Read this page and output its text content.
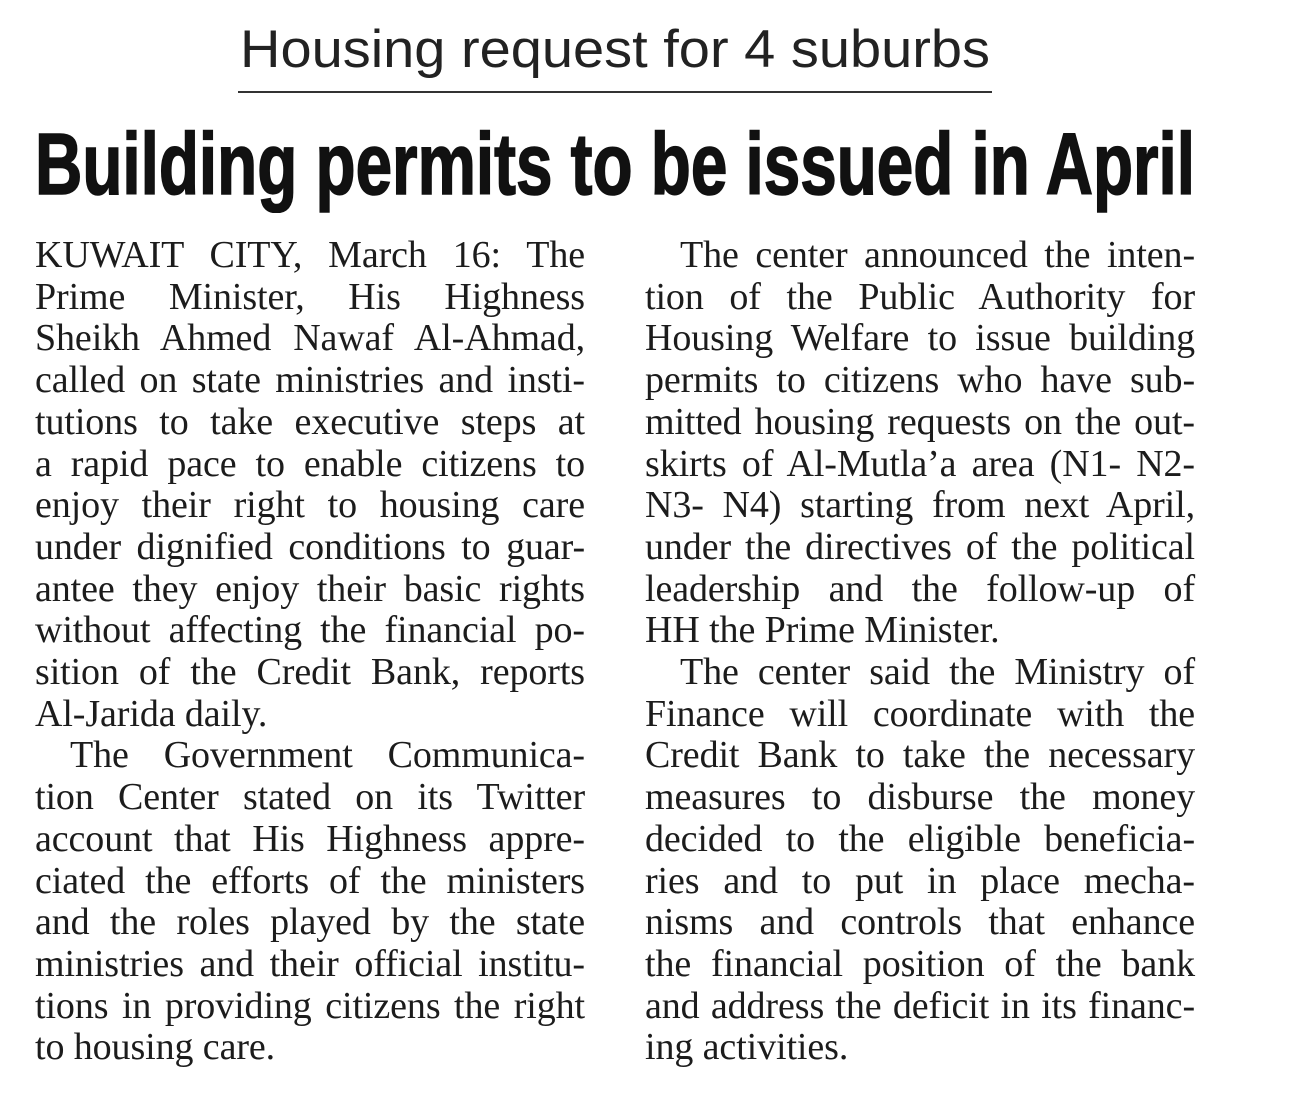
Housing request for 4 suburbs
Building permits to be issued in April
KUWAIT CITY, March 16: The
Prime Minister, His Highness
Sheikh Ahmed Nawaf Al-Ahmad,
called on state ministries and insti-
tutions to take executive steps at
a rapid pace to enable citizens to
enjoy their right to housing care
under dignified conditions to guar-
antee they enjoy their basic rights
without affecting the financial po-
sition of the Credit Bank, reports
Al-Jarida daily.
The Government Communica-
tion Center stated on its Twitter
account that His Highness appre-
ciated the efforts of the ministers
and the roles played by the state
ministries and their official institu-
tions in providing citizens the right
to housing care.
The center announced the inten-
tion of the Public Authority for
Housing Welfare to issue building
permits to citizens who have sub-
mitted housing requests on the out-
skirts of Al-Mutla’a area (N1- N2-
N3- N4) starting from next April,
under the directives of the political
leadership and the follow-up of
HH the Prime Minister.
The center said the Ministry of
Finance will coordinate with the
Credit Bank to take the necessary
measures to disburse the money
decided to the eligible beneficia-
ries and to put in place mecha-
nisms and controls that enhance
the financial position of the bank
and address the deficit in its financ-
ing activities.
